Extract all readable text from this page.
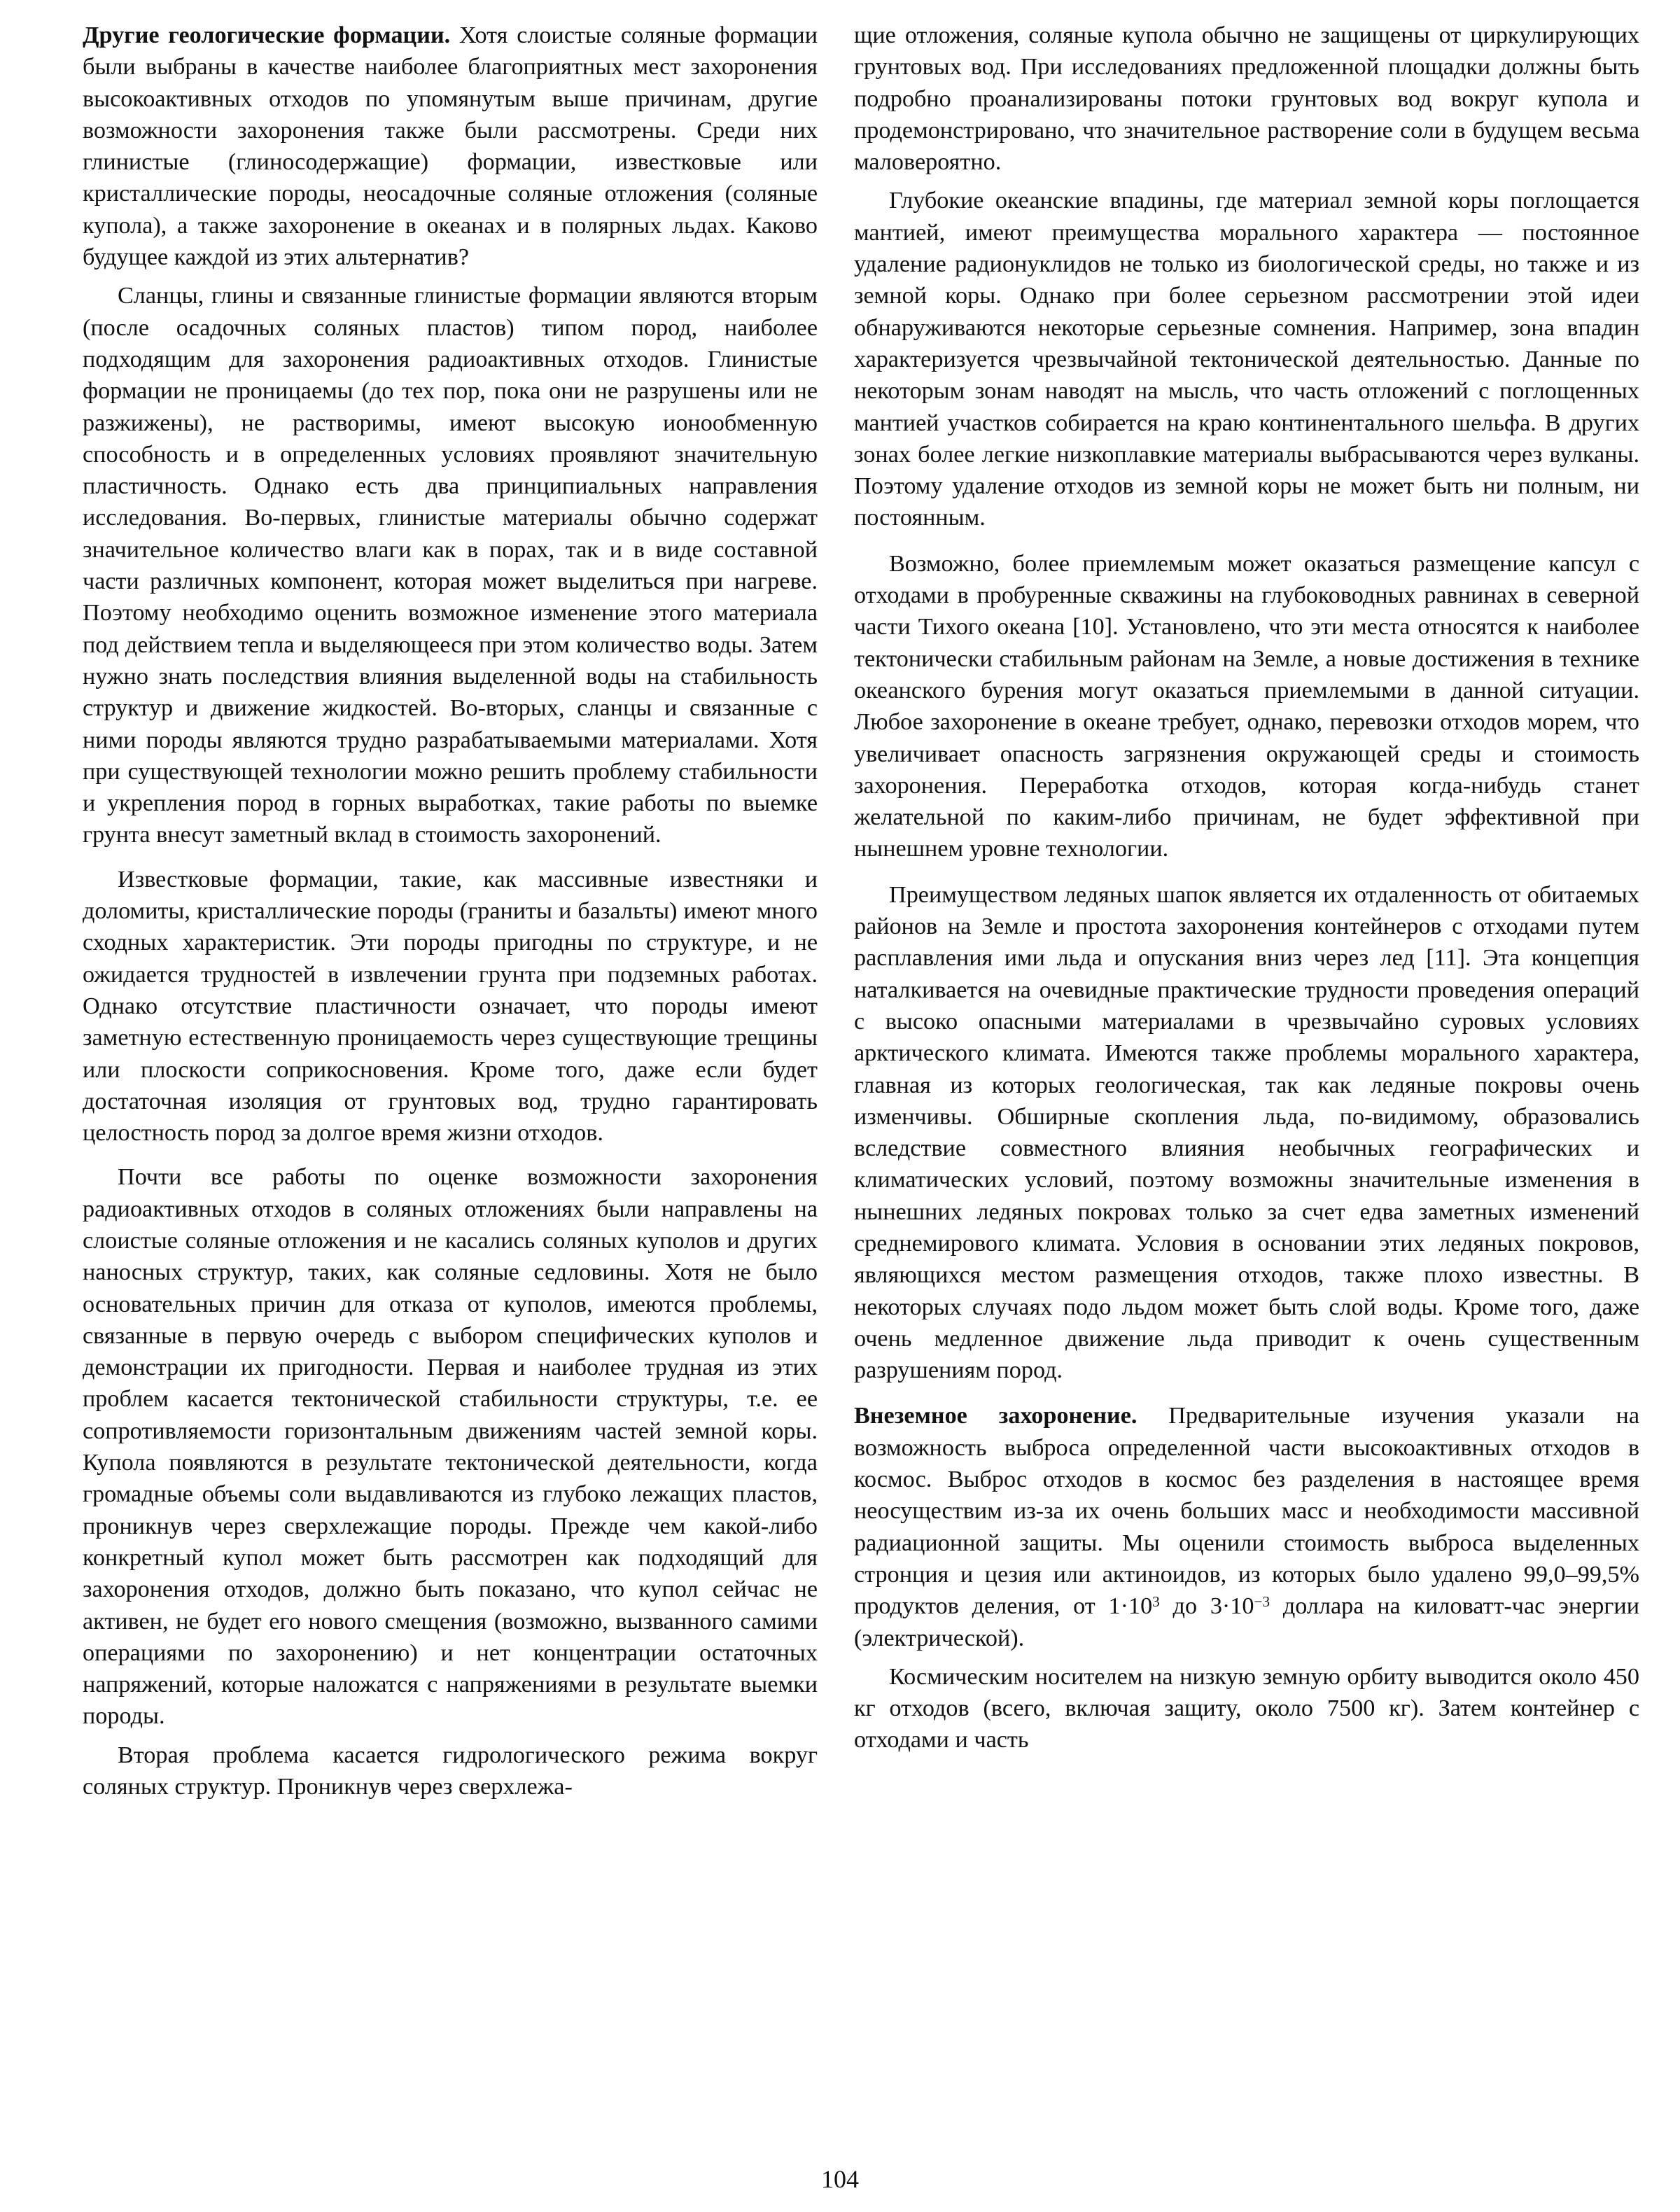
Другие геологические формации. Хотя слоистые соляные формации были выбраны в качестве наиболее благоприятных мест захоронения высокоактивных отходов по упомянутым выше причинам, другие возможности захоронения также были рассмотрены. Среди них глинистые (глиносодержащие) формации, известковые или кристаллические породы, неосадочные соляные отложения (соляные купола), а также захоронение в океанах и в полярных льдах. Каково будущее каждой из этих альтернатив?

Сланцы, глины и связанные глинистые формации являются вторым (после осадочных соляных пластов) типом пород, наиболее подходящим для захоронения радиоактивных отходов. Глинистые формации не проницаемы (до тех пор, пока они не разрушены или не разжижены), не растворимы, имеют высокую ионообменную способность и в определенных условиях проявляют значительную пластичность. Однако есть два принципиальных направления исследования. Во-первых, глинистые материалы обычно содержат значительное количество влаги как в порах, так и в виде составной части различных компонент, которая может выделиться при нагреве. Поэтому необходимо оценить возможное изменение этого материала под действием тепла и выделяющееся при этом количество воды. Затем нужно знать последствия влияния выделенной воды на стабильность структур и движение жидкостей. Во-вторых, сланцы и связанные с ними породы являются трудно разрабатываемыми материалами. Хотя при существующей технологии можно решить проблему стабильности и укрепления пород в горных выработках, такие работы по выемке грунта внесут заметный вклад в стоимость захоронений.

Известковые формации, такие, как массивные известняки и доломиты, кристаллические породы (граниты и базальты) имеют много сходных характеристик. Эти породы пригодны по структуре, и не ожидается трудностей в извлечении грунта при подземных работах. Однако отсутствие пластичности означает, что породы имеют заметную естественную проницаемость через существующие трещины или плоскости соприкосновения. Кроме того, даже если будет достаточная изоляция от грунтовых вод, трудно гарантировать целостность пород за долгое время жизни отходов.

Почти все работы по оценке возможности захоронения радиоактивных отходов в соляных отложениях были направлены на слоистые соляные отложения и не касались соляных куполов и других наносных структур, таких, как соляные седловины. Хотя не было основательных причин для отказа от куполов, имеются проблемы, связанные в первую очередь с выбором специфических куполов и демонстрации их пригодности. Первая и наиболее трудная из этих проблем касается тектонической стабильности структуры, т.е. ее сопротивляемости горизонтальным движениям частей земной коры. Купола появляются в результате тектонической деятельности, когда громадные объемы соли выдавливаются из глубоко лежащих пластов, проникнув через сверхлежащие породы. Прежде чем какой-либо конкретный купол может быть рассмотрен как подходящий для захоронения отходов, должно быть показано, что купол сейчас не активен, не будет его нового смещения (возможно, вызванного самими операциями по захоронению) и нет концентрации остаточных напряжений, которые наложатся с напряжениями в результате выемки породы.

Вторая проблема касается гидрологического режима вокруг соляных структур. Проникнув через сверхлежа-

щие отложения, соляные купола обычно не защищены от циркулирующих грунтовых вод. При исследованиях предложенной площадки должны быть подробно проанализированы потоки грунтовых вод вокруг купола и продемонстрировано, что значительное растворение соли в будущем весьма маловероятно.

Глубокие океанские впадины, где материал земной коры поглощается мантией, имеют преимущества морального характера — постоянное удаление радионуклидов не только из биологической среды, но также и из земной коры. Однако при более серьезном рассмотрении этой идеи обнаруживаются некоторые серьезные сомнения. Например, зона впадин характеризуется чрезвычайной тектонической деятельностью. Данные по некоторым зонам наводят на мысль, что часть отложений с поглощенных мантией участков собирается на краю континентального шельфа. В других зонах более легкие низкоплавкие материалы выбрасываются через вулканы. Поэтому удаление отходов из земной коры не может быть ни полным, ни постоянным.

Возможно, более приемлемым может оказаться размещение капсул с отходами в пробуренные скважины на глубоководных равнинах в северной части Тихого океана [10]. Установлено, что эти места относятся к наиболее тектонически стабильным районам на Земле, а новые достижения в технике океанского бурения могут оказаться приемлемыми в данной ситуации. Любое захоронение в океане требует, однако, перевозки отходов морем, что увеличивает опасность загрязнения окружающей среды и стоимость захоронения. Переработка отходов, которая когда-нибудь станет желательной по каким-либо причинам, не будет эффективной при нынешнем уровне технологии.

Преимуществом ледяных шапок является их отдаленность от обитаемых районов на Земле и простота захоронения контейнеров с отходами путем расплавления ими льда и опускания вниз через лед [11]. Эта концепция наталкивается на очевидные практические трудности проведения операций с высоко опасными материалами в чрезвычайно суровых условиях арктического климата. Имеются также проблемы морального характера, главная из которых геологическая, так как ледяные покровы очень изменчивы. Обширные скопления льда, по-видимому, образовались вследствие совместного влияния необычных географических и климатических условий, поэтому возможны значительные изменения в нынешних ледяных покровах только за счет едва заметных изменений среднемирового климата. Условия в основании этих ледяных покровов, являющихся местом размещения отходов, также плохо известны. В некоторых случаях подо льдом может быть слой воды. Кроме того, даже очень медленное движение льда приводит к очень существенным разрушениям пород.

Внеземное захоронение. Предварительные изучения указали на возможность выброса определенной части высокоактивных отходов в космос. Выброс отходов в космос без разделения в настоящее время неосуществим из-за их очень больших масс и необходимости массивной радиационной защиты. Мы оценили стоимость выброса выделенных стронция и цезия или актиноидов, из которых было удалено 99,0–99,5% продуктов деления, от $1\cdot 10^3$ до $3\cdot 10^{-3}$ доллара на киловатт-час энергии (электрической).

Космическим носителем на низкую земную орбиту выводится около 450 кг отходов (всего, включая защиту, около 7500 кг). Затем контейнер с отходами и часть

104
